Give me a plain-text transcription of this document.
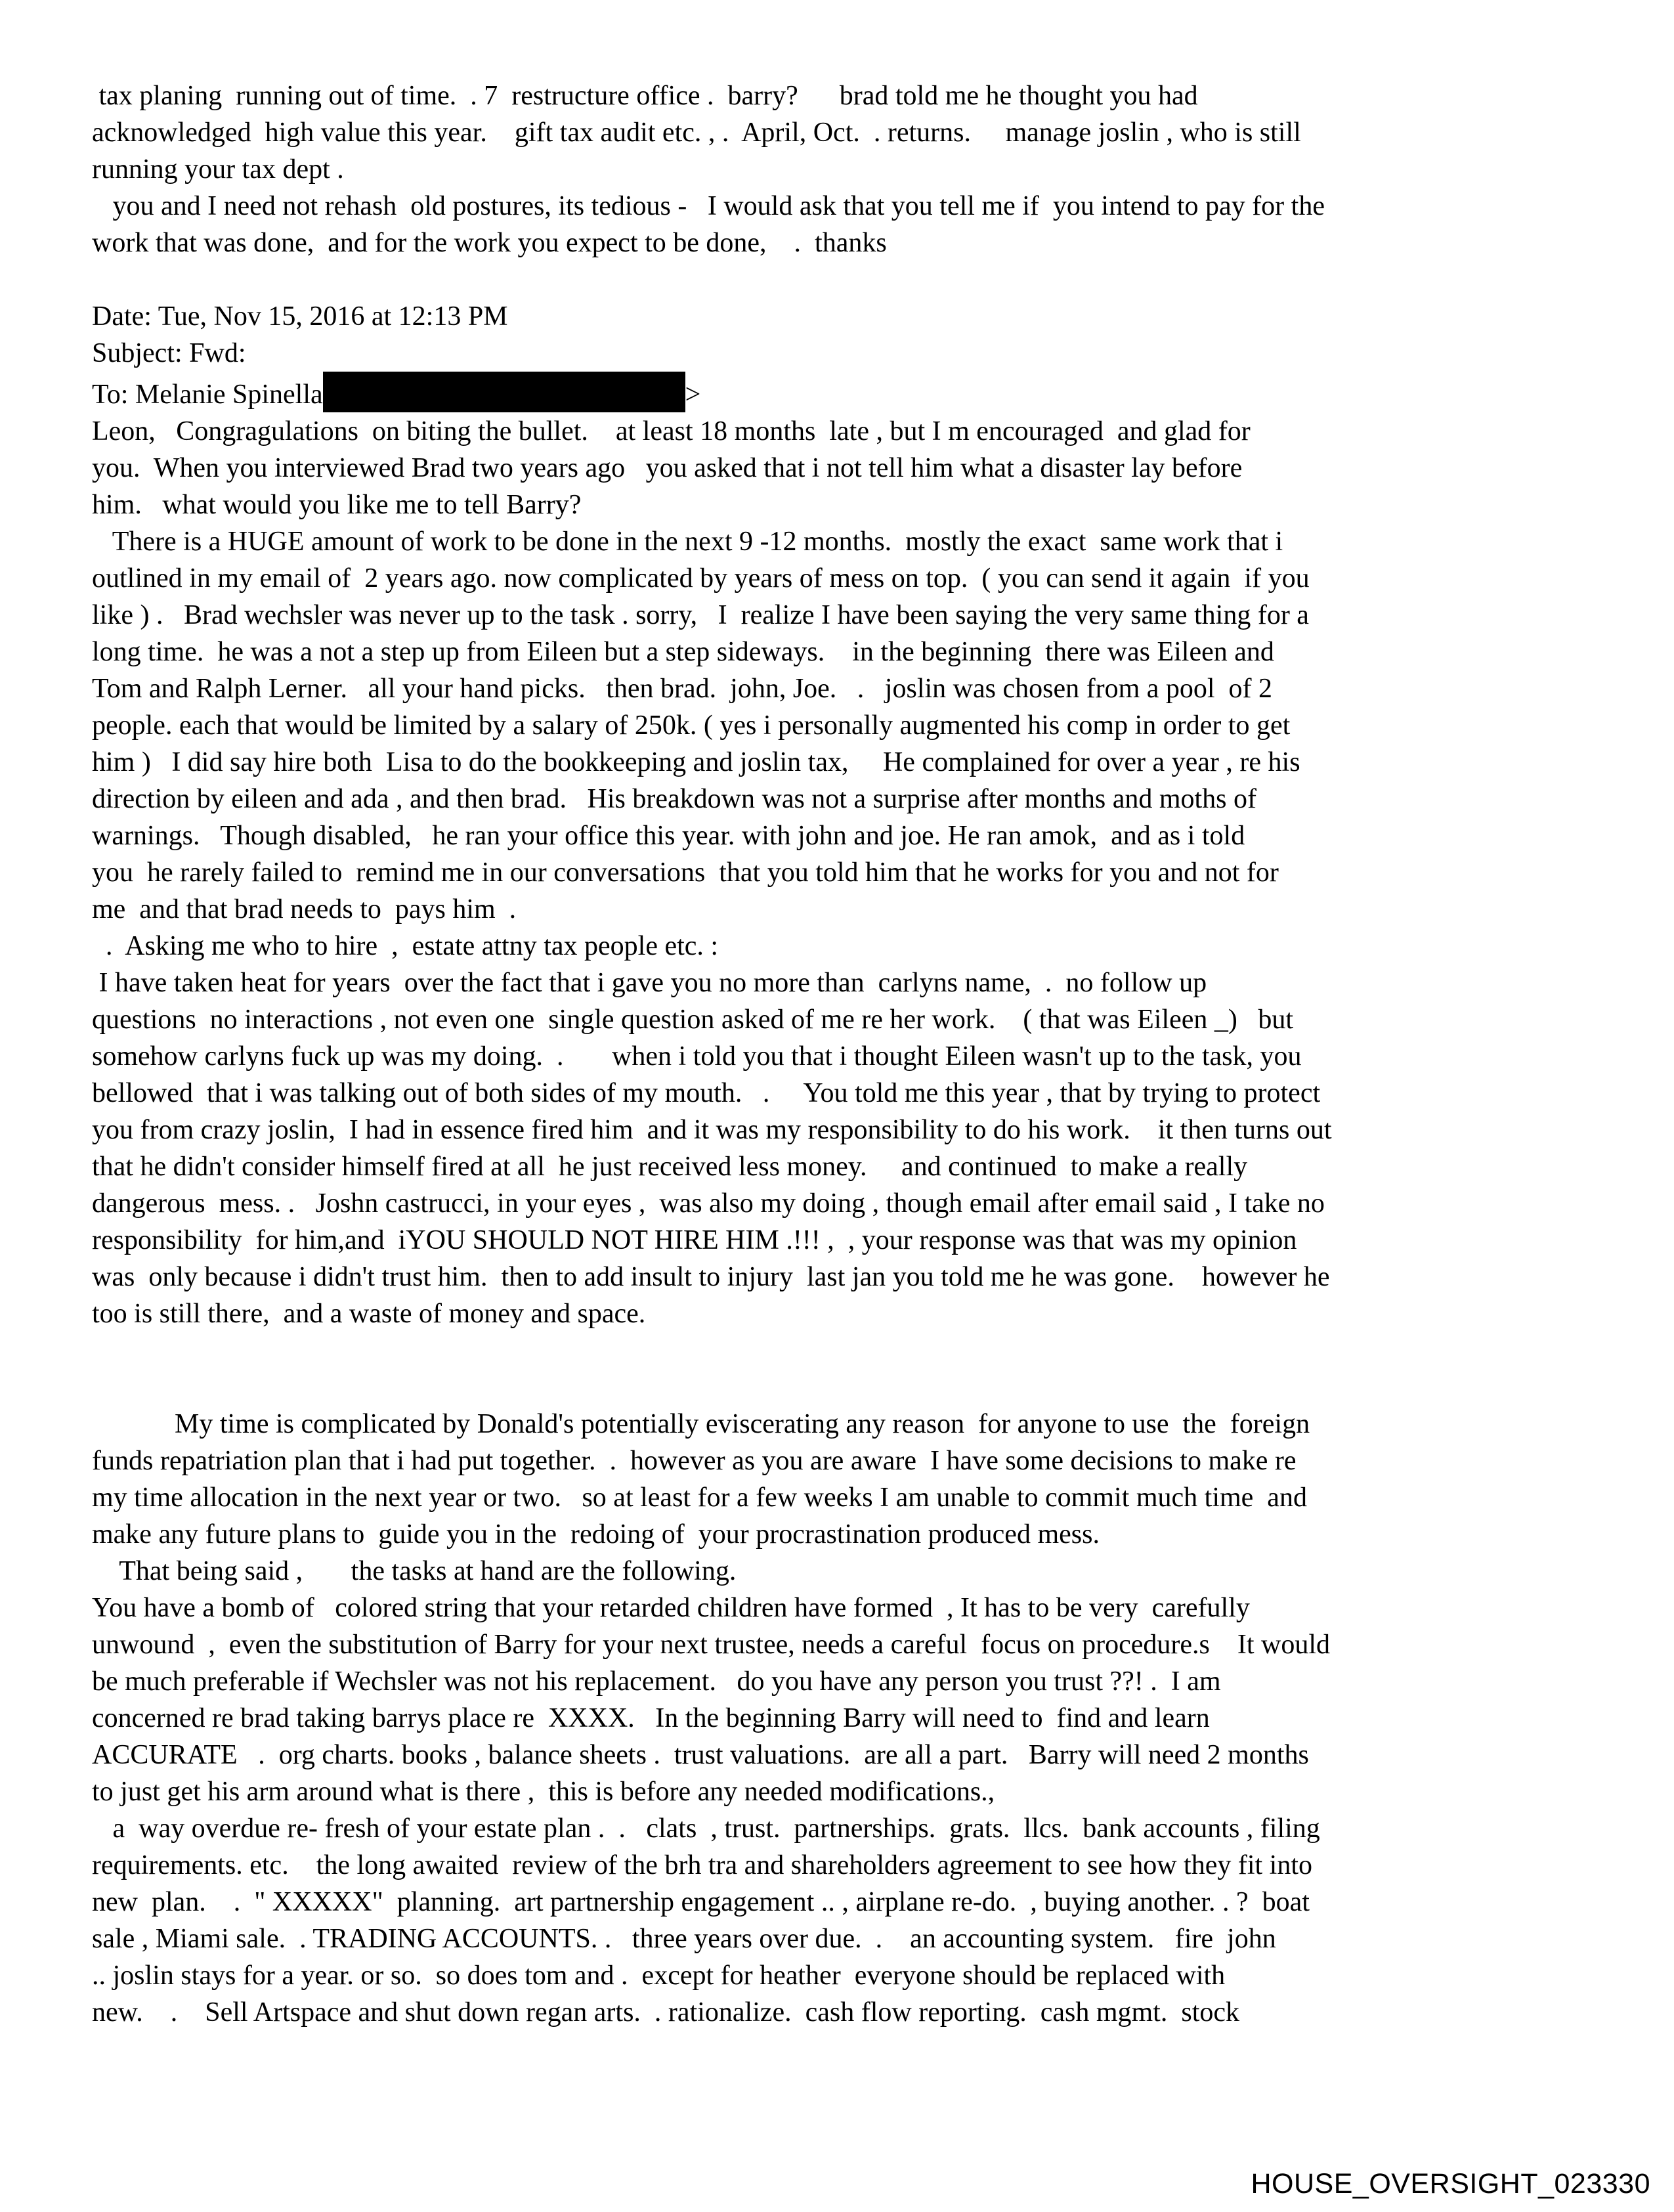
tax planing  running out of time.  . 7  restructure office .  barry?      brad told me he thought you had
acknowledged  high value this year.    gift tax audit etc. , .  April, Oct.  . returns.     manage joslin , who is still
running your tax dept .
you and I need not rehash  old postures, its tedious -   I would ask that you tell me if  you intend to pay for the
work that was done,  and for the work you expect to be done,    .  thanks

Date: Tue, Nov 15, 2016 at 12:13 PM
Subject: Fwd:
To: Melanie Spinella	>
Leon,   Congragulations  on biting the bullet.    at least 18 months  late , but I m encouraged  and glad for
you.  When you interviewed Brad two years ago   you asked that i not tell him what a disaster lay before
him.   what would you like me to tell Barry?
There is a HUGE amount of work to be done in the next 9 -12 months.  mostly the exact  same work that i
outlined in my email of  2 years ago. now complicated by years of mess on top.  ( you can send it again  if you
like ) .   Brad wechsler was never up to the task . sorry,   I  realize I have been saying the very same thing for a
long time.  he was a not a step up from Eileen but a step sideways.    in the beginning  there was Eileen and
Tom and Ralph Lerner.   all your hand picks.   then brad.  john, Joe.   .   joslin was chosen from a pool  of 2
people. each that would be limited by a salary of 250k. ( yes i personally augmented his comp in order to get
him )   I did say hire both  Lisa to do the bookkeeping and joslin tax,     He complained for over a year , re his
direction by eileen and ada , and then brad.   His breakdown was not a surprise after months and moths of
warnings.   Though disabled,   he ran your office this year. with john and joe. He ran amok,  and as i told
you  he rarely failed to  remind me in our conversations  that you told him that he works for you and not for
me  and that brad needs to  pays him  .
.  Asking me who to hire  ,  estate attny tax people etc. :
I have taken heat for years  over the fact that i gave you no more than  carlyns name,  .  no follow up
questions  no interactions , not even one  single question asked of me re her work.    ( that was Eileen _)   but
somehow carlyns fuck up was my doing.  .       when i told you that i thought Eileen wasn't up to the task, you
bellowed  that i was talking out of both sides of my mouth.   .     You told me this year , that by trying to protect
you from crazy joslin,  I had in essence fired him  and it was my responsibility to do his work.    it then turns out
that he didn't consider himself fired at all  he just received less money.     and continued  to make a really
dangerous  mess. .   Joshn castrucci, in your eyes ,  was also my doing , though email after email said , I take no
responsibility  for him,and  iYOU SHOULD NOT HIRE HIM .!!! ,  , your response was that was my opinion
was  only because i didn't trust him.  then to add insult to injury  last jan you told me he was gone.    however he
too is still there,  and a waste of money and space.

My time is complicated by Donald's potentially eviscerating any reason  for anyone to use  the  foreign
funds repatriation plan that i had put together.  .  however as you are aware  I have some decisions to make re
my time allocation in the next year or two.   so at least for a few weeks I am unable to commit much time  and
make any future plans to  guide you in the  redoing of  your procrastination produced mess.
That being said ,       the tasks at hand are the following.
You have a bomb of   colored string that your retarded children have formed  , It has to be very  carefully
unwound  ,  even the substitution of Barry for your next trustee, needs a careful  focus on procedure.s    It would
be much preferable if Wechsler was not his replacement.   do you have any person you trust ??! .  I am
concerned re brad taking barrys place re  XXXX.   In the beginning Barry will need to  find and learn
ACCURATE   .  org charts. books , balance sheets .  trust valuations.  are all a part.   Barry will need 2 months
to just get his arm around what is there ,  this is before any needed modifications.,
a  way overdue re- fresh of your estate plan .  .   clats  , trust.  partnerships.  grats.  llcs.  bank accounts , filing
requirements. etc.    the long awaited  review of the brh tra and shareholders agreement to see how they fit into
new  plan.    .  " XXXXX"  planning.  art partnership engagement .. , airplane re-do.  , buying another. . ?  boat
sale , Miami sale.  . TRADING ACCOUNTS. .   three years over due.  .    an accounting system.   fire  john
.. joslin stays for a year. or so.  so does tom and .  except for heather  everyone should be replaced with
new.    .    Sell Artspace and shut down regan arts.  . rationalize.  cash flow reporting.  cash mgmt.  stock
HOUSE_OVERSIGHT_023330
